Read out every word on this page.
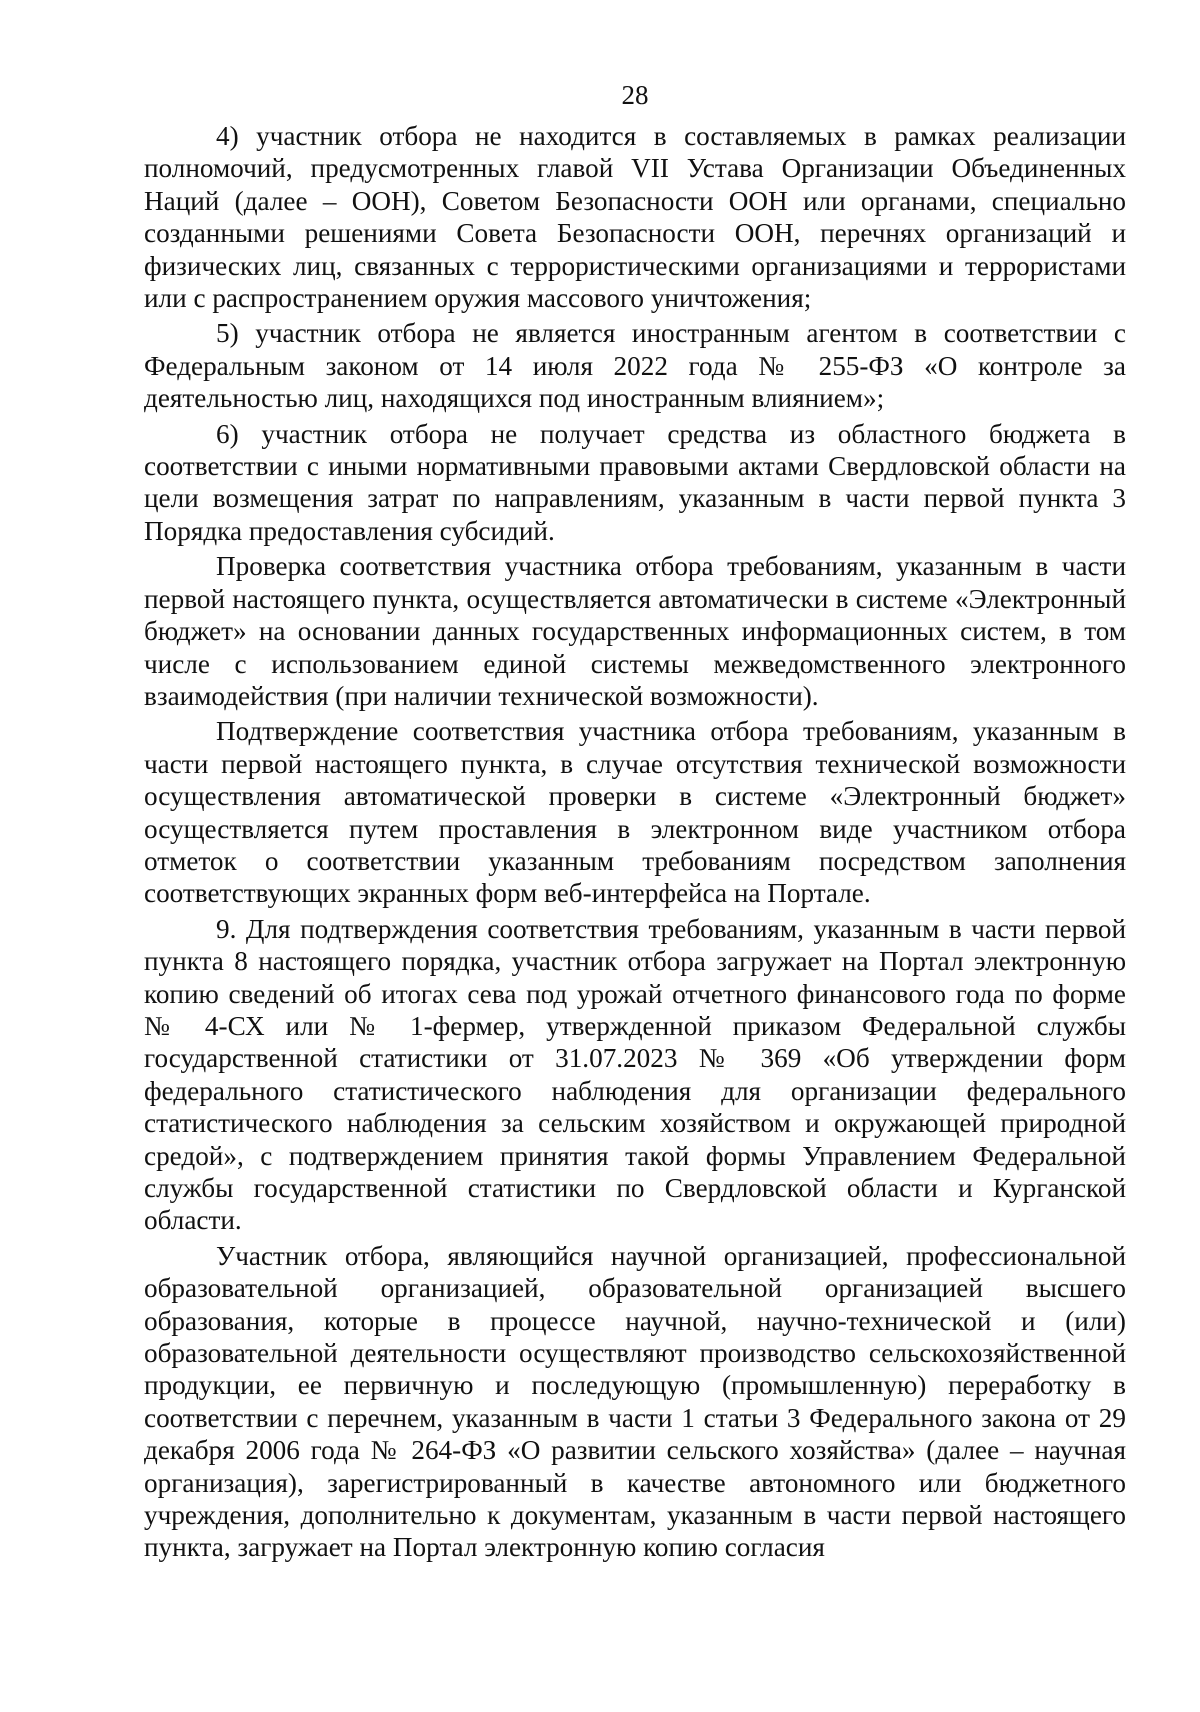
28

4) участник отбора не находится в составляемых в рамках реализации полномочий, предусмотренных главой VII Устава Организации Объединенных Наций (далее – ООН), Советом Безопасности ООН или органами, специально созданными решениями Совета Безопасности ООН, перечнях организаций и физических лиц, связанных с террористическими организациями и террористами или с распространением оружия массового уничтожения;

5) участник отбора не является иностранным агентом в соответствии с Федеральным законом от 14 июля 2022 года № 255-ФЗ «О контроле за деятельностью лиц, находящихся под иностранным влиянием»;

6) участник отбора не получает средства из областного бюджета в соответствии с иными нормативными правовыми актами Свердловской области на цели возмещения затрат по направлениям, указанным в части первой пункта 3 Порядка предоставления субсидий.

Проверка соответствия участника отбора требованиям, указанным в части первой настоящего пункта, осуществляется автоматически в системе «Электронный бюджет» на основании данных государственных информационных систем, в том числе с использованием единой системы межведомственного электронного взаимодействия (при наличии технической возможности).

Подтверждение соответствия участника отбора требованиям, указанным в части первой настоящего пункта, в случае отсутствия технической возможности осуществления автоматической проверки в системе «Электронный бюджет» осуществляется путем проставления в электронном виде участником отбора отметок о соответствии указанным требованиям посредством заполнения соответствующих экранных форм веб-интерфейса на Портале.

9. Для подтверждения соответствия требованиям, указанным в части первой пункта 8 настоящего порядка, участник отбора загружает на Портал электронную копию сведений об итогах сева под урожай отчетного финансового года по форме № 4-СХ или № 1-фермер, утвержденной приказом Федеральной службы государственной статистики от 31.07.2023 № 369 «Об утверждении форм федерального статистического наблюдения для организации федерального статистического наблюдения за сельским хозяйством и окружающей природной средой», с подтверждением принятия такой формы Управлением Федеральной службы государственной статистики по Свердловской области и Курганской области.

Участник отбора, являющийся научной организацией, профессиональной образовательной организацией, образовательной организацией высшего образования, которые в процессе научной, научно-технической и (или) образовательной деятельности осуществляют производство сельскохозяйственной продукции, ее первичную и последующую (промышленную) переработку в соответствии с перечнем, указанным в части 1 статьи 3 Федерального закона от 29 декабря 2006 года № 264-ФЗ «О развитии сельского хозяйства» (далее – научная организация), зарегистрированный в качестве автономного или бюджетного учреждения, дополнительно к документам, указанным в части первой настоящего пункта, загружает на Портал электронную копию согласия
